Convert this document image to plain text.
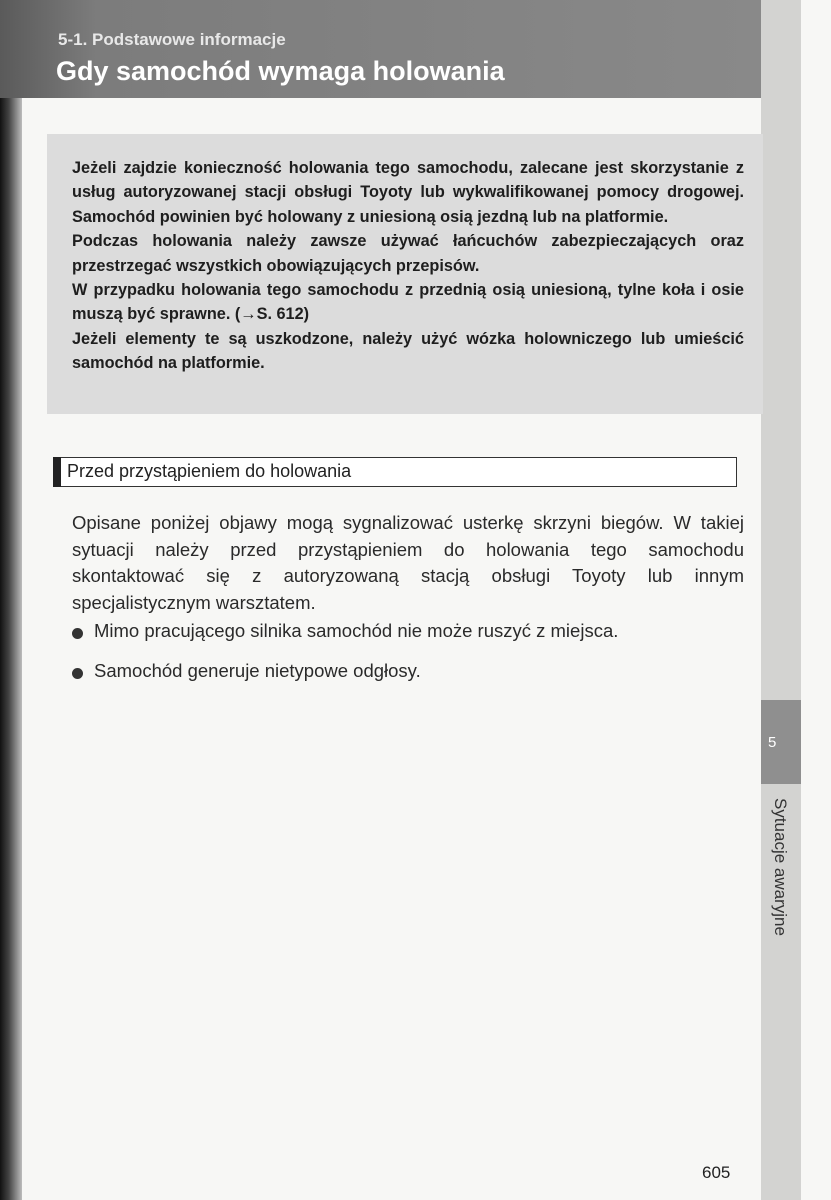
5-1. Podstawowe informacje
Gdy samochód wymaga holowania
5
Sytuacje awaryjne

Jeżeli zajdzie konieczność holowania tego samochodu, zalecane jest skorzystanie z usług autoryzowanej stacji obsługi Toyoty lub wykwalifikowanej pomocy drogowej. Samochód powinien być holowany z uniesioną osią jezdną lub na platformie.

Podczas holowania należy zawsze używać łańcuchów zabezpieczających oraz przestrzegać wszystkich obowiązujących przepisów.

W przypadku holowania tego samochodu z przednią osią uniesioną, tylne koła i osie muszą być sprawne. (→S. 612)

Jeżeli elementy te są uszkodzone, należy użyć wózka holowniczego lub umieścić samochód na platformie.

Przed przystąpieniem do holowania
Opisane poniżej objawy mogą sygnalizować usterkę skrzyni biegów. W takiej sytuacji należy przed przystąpieniem do holowania tego samochodu skontaktować się z autoryzowaną stacją obsługi Toyoty lub innym specjalistycznym warsztatem.
Mimo pracującego silnika samochód nie może ruszyć z miejsca.
Samochód generuje nietypowe odgłosy.
605
